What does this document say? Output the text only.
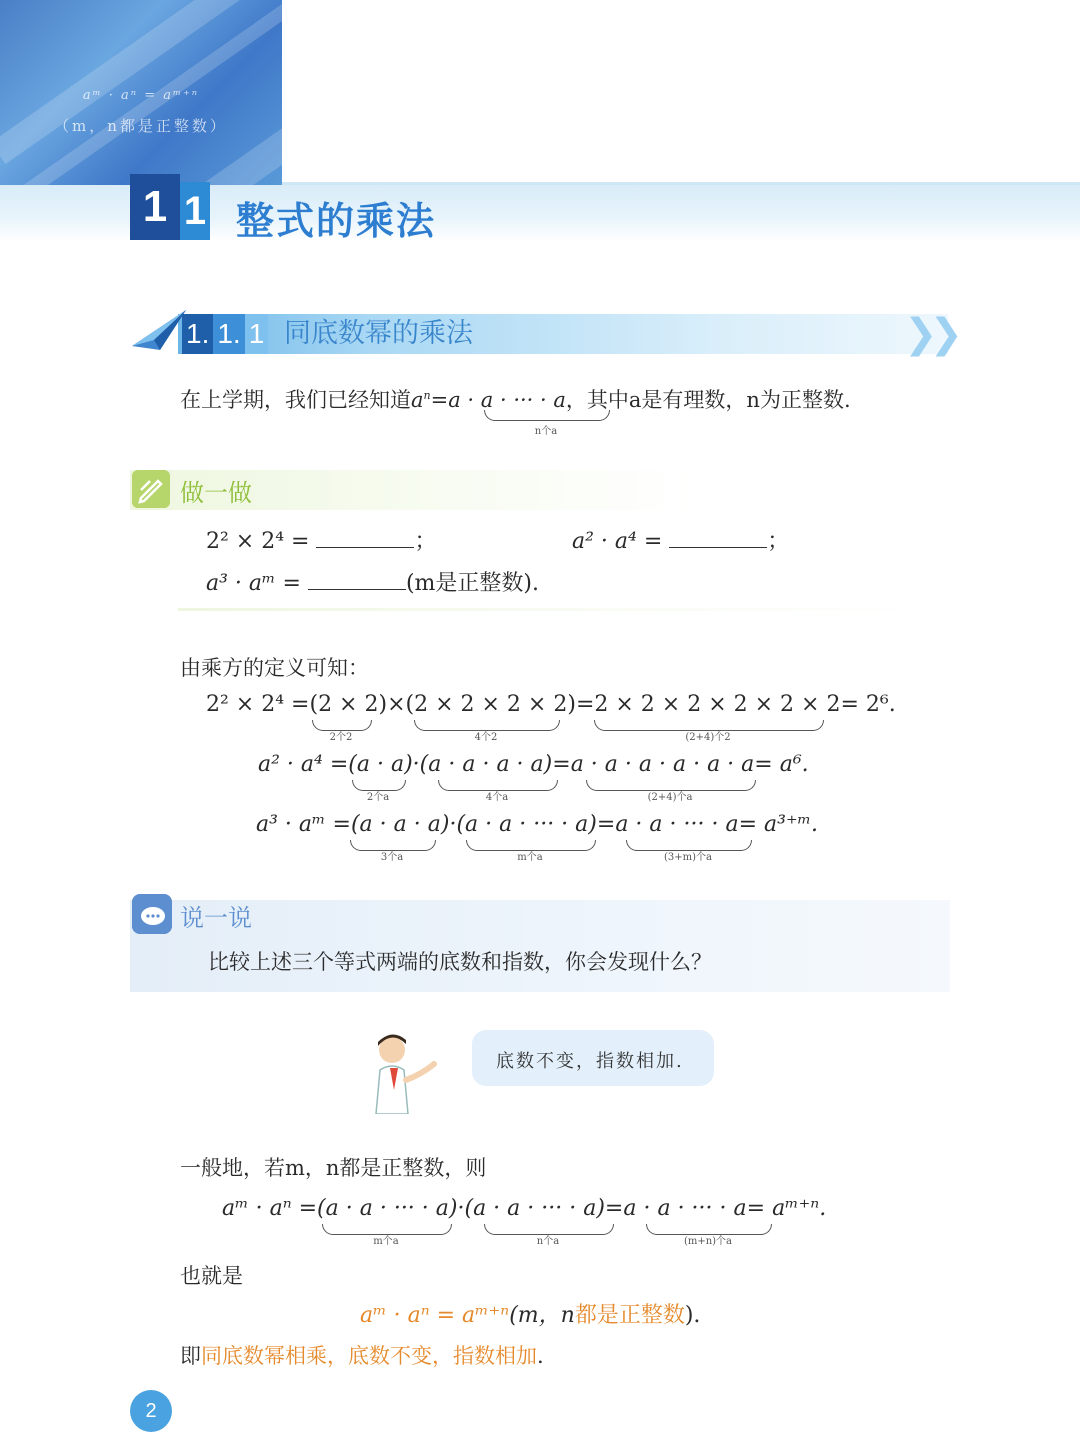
aᵐ · aⁿ = aᵐ⁺ⁿ
（m，n都是正整数）
1 1 整式的乘法
1. 1. 1 同底数幂的乘法	❯❯
在上学期，我们已经知道$a^n=a \cdot a$ · ··· · a，其中a是有理数，n为正整数.
n个a
做一做
2² × 2⁴ =	；	a² · a⁴ =	；
a³ · aᵐ =	(m是正整数).
由乘方的定义可知：
2² × 2⁴ =(2 × 2)×(2 × 2 × 2 × 2)=2 × 2 × 2 × 2 × 2 × 2= 2⁶.
2个2	4个2	(2+4)个2
a² · a⁴ =(a · a)·(a · a · a · a)=a · a · a · a · a · a= a⁶.
2个a	4个a	(2+4)个a
a³ · aᵐ =(a · a · a)·(a · a · ··· · a)=a · a · ··· · a= a³⁺ᵐ.
3个a	m个a	(3+m)个a
说一说
比较上述三个等式两端的底数和指数，你会发现什么？
底数不变，指数相加.
一般地，若m，n都是正整数，则
aᵐ · aⁿ =(a · a · ··· · a)·(a · a · ··· · a)=a · a · ··· · a= aᵐ⁺ⁿ.
m个a	n个a	(m+n)个a
也就是
aᵐ · aⁿ = aᵐ⁺ⁿ(m，n都是正整数).
即同底数幂相乘，底数不变，指数相加.
2
